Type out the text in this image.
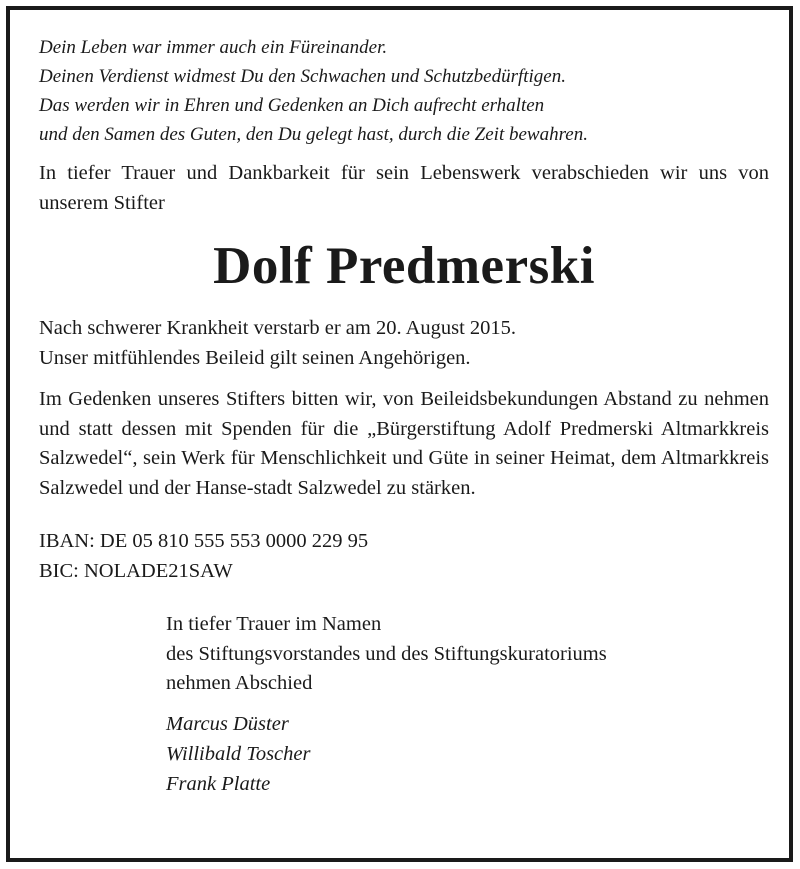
Dein Leben war immer auch ein Füreinander.
Deinen Verdienst widmest Du den Schwachen und Schutzbedürftigen.
Das werden wir in Ehren und Gedenken an Dich aufrecht erhalten
und den Samen des Guten, den Du gelegt hast, durch die Zeit bewahren.

In tiefer Trauer und Dankbarkeit für sein Lebenswerk verabschieden wir uns von unserem Stifter

Dolf Predmerski

Nach schwerer Krankheit verstarb er am 20. August 2015.
Unser mitfühlendes Beileid gilt seinen Angehörigen.

Im Gedenken unseres Stifters bitten wir, von Beileidsbekundungen Abstand zu nehmen und statt dessen mit Spenden für die „Bürgerstiftung Adolf Predmerski Altmarkkreis Salzwedel“, sein Werk für Menschlichkeit und Güte in seiner Heimat, dem Altmarkkreis Salzwedel und der Hanse-stadt Salzwedel zu stärken.

IBAN: DE 05 810 555 553 0000 229 95
BIC: NOLADE21SAW

In tiefer Trauer im Namen
des Stiftungsvorstandes und des Stiftungskuratoriums
nehmen Abschied

Marcus Düster
Willibald Toscher
Frank Platte
